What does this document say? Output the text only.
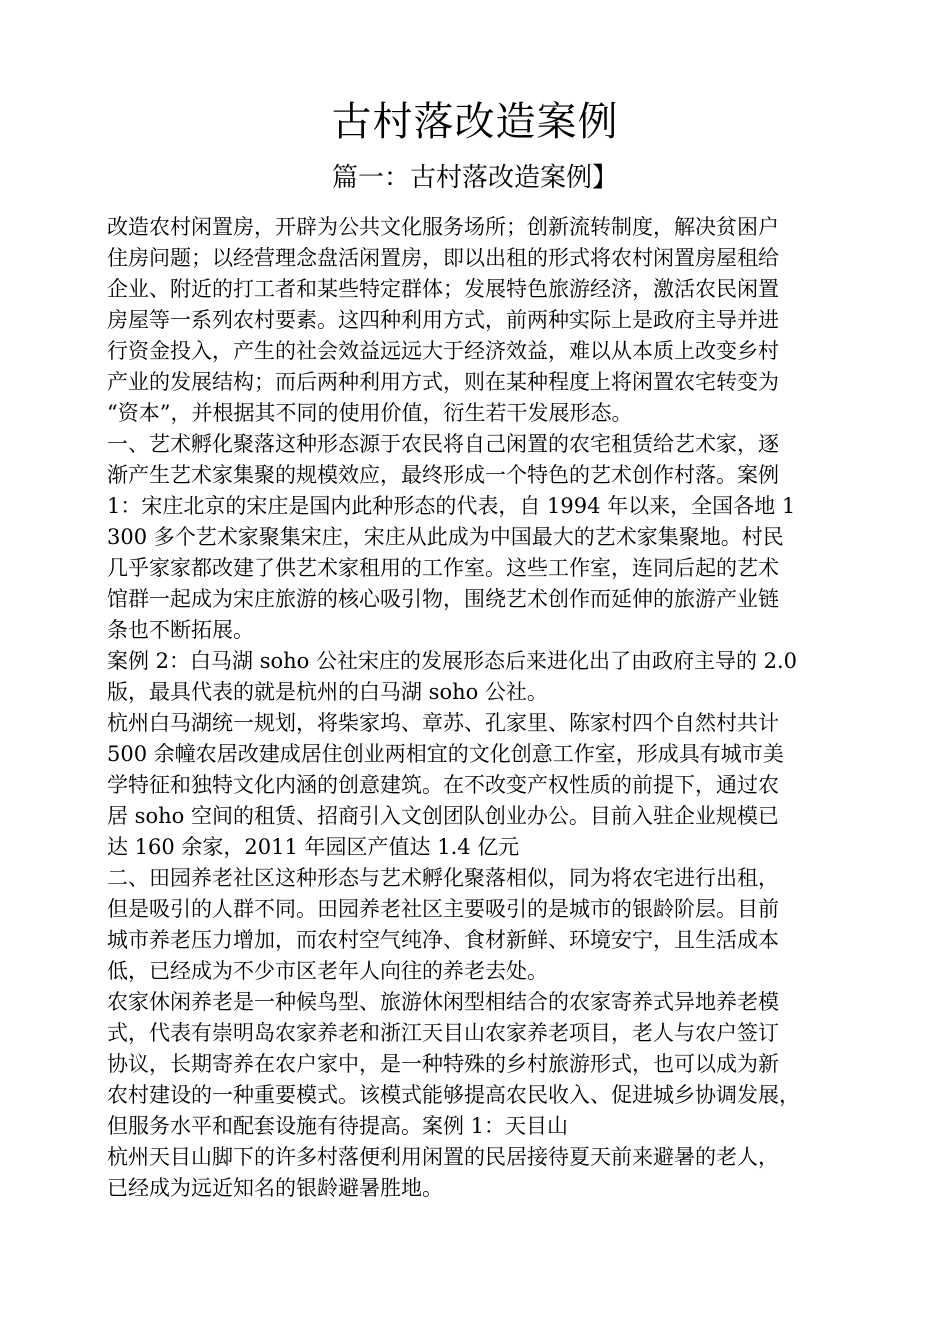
古村落改造案例
篇一：古村落改造案例】
改造农村闲置房，开辟为公共文化服务场所；创新流转制度，解决贫困户
住房问题；以经营理念盘活闲置房，即以出租的形式将农村闲置房屋租给
企业、附近的打工者和某些特定群体；发展特色旅游经济，激活农民闲置
房屋等一系列农村要素。这四种利用方式，前两种实际上是政府主导并进
行资金投入，产生的社会效益远远大于经济效益，难以从本质上改变乡村
产业的发展结构；而后两种利用方式，则在某种程度上将闲置农宅转变为
“资本”，并根据其不同的使用价值，衍生若干发展形态。
一、艺术孵化聚落这种形态源于农民将自己闲置的农宅租赁给艺术家，逐
渐产生艺术家集聚的规模效应，最终形成一个特色的艺术创作村落。案例
1：宋庄北京的宋庄是国内此种形态的代表，自 1994 年以来，全国各地 1
300 多个艺术家聚集宋庄，宋庄从此成为中国最大的艺术家集聚地。村民
几乎家家都改建了供艺术家租用的工作室。这些工作室，连同后起的艺术
馆群一起成为宋庄旅游的核心吸引物，围绕艺术创作而延伸的旅游产业链
条也不断拓展。
案例 2：白马湖 soho 公社宋庄的发展形态后来进化出了由政府主导的 2.0
版，最具代表的就是杭州的白马湖 soho 公社。
杭州白马湖统一规划，将柴家坞、章苏、孔家里、陈家村四个自然村共计
500 余幢农居改建成居住创业两相宜的文化创意工作室，形成具有城市美
学特征和独特文化内涵的创意建筑。在不改变产权性质的前提下，通过农
居 soho 空间的租赁、招商引入文创团队创业办公。目前入驻企业规模已
达 160 余家，2011 年园区产值达 1.4 亿元
二、田园养老社区这种形态与艺术孵化聚落相似，同为将农宅进行出租，
但是吸引的人群不同。田园养老社区主要吸引的是城市的银龄阶层。目前
城市养老压力增加，而农村空气纯净、食材新鲜、环境安宁，且生活成本
低，已经成为不少市区老年人向往的养老去处。
农家休闲养老是一种候鸟型、旅游休闲型相结合的农家寄养式异地养老模
式，代表有崇明岛农家养老和浙江天目山农家养老项目，老人与农户签订
协议，长期寄养在农户家中，是一种特殊的乡村旅游形式，也可以成为新
农村建设的一种重要模式。该模式能够提高农民收入、促进城乡协调发展，
但服务水平和配套设施有待提高。案例 1：天目山
杭州天目山脚下的许多村落便利用闲置的民居接待夏天前来避暑的老人，
已经成为远近知名的银龄避暑胜地。
